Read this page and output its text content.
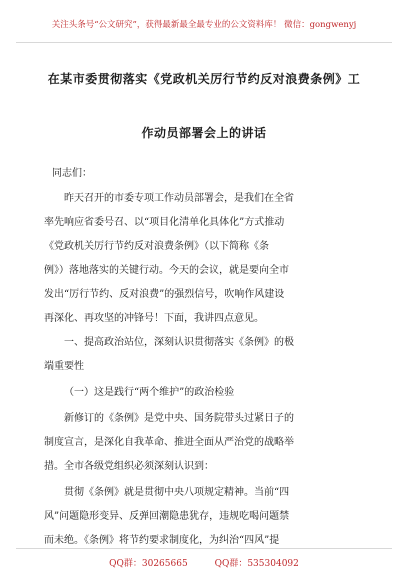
关注头条号“公文研究”，获得最新最全最专业的公文资料库！ 微信：gongwenyj
在某市委贯彻落实《党政机关厉行节约反对浪费条例》工
作动员部署会上的讲话
同志们：
昨天召开的市委专项工作动员部署会，是我们在全省
率先响应省委号召、以“项目化清单化具体化”方式推动
《党政机关厉行节约反对浪费条例》（以下简称《条
例》）落地落实的关键行动。今天的会议，就是要向全市
发出“厉行节约、反对浪费”的强烈信号，吹响作风建设
再深化、再攻坚的冲锋号！下面，我讲四点意见。
一、提高政治站位，深刻认识贯彻落实《条例》的极
端重要性
（一）这是践行“两个维护”的政治检验
新修订的《条例》是党中央、国务院带头过紧日子的
制度宣言，是深化自我革命、推进全面从严治党的战略举
措。全市各级党组织必须深刻认识到：
贯彻《条例》就是贯彻中央八项规定精神。当前“四
风”问题隐形变异、反弹回潮隐患犹存，违规吃喝问题禁
而未绝。《条例》将节约要求制度化，为纠治“四风”提
QQ群：30265665	QQ群：535304092
